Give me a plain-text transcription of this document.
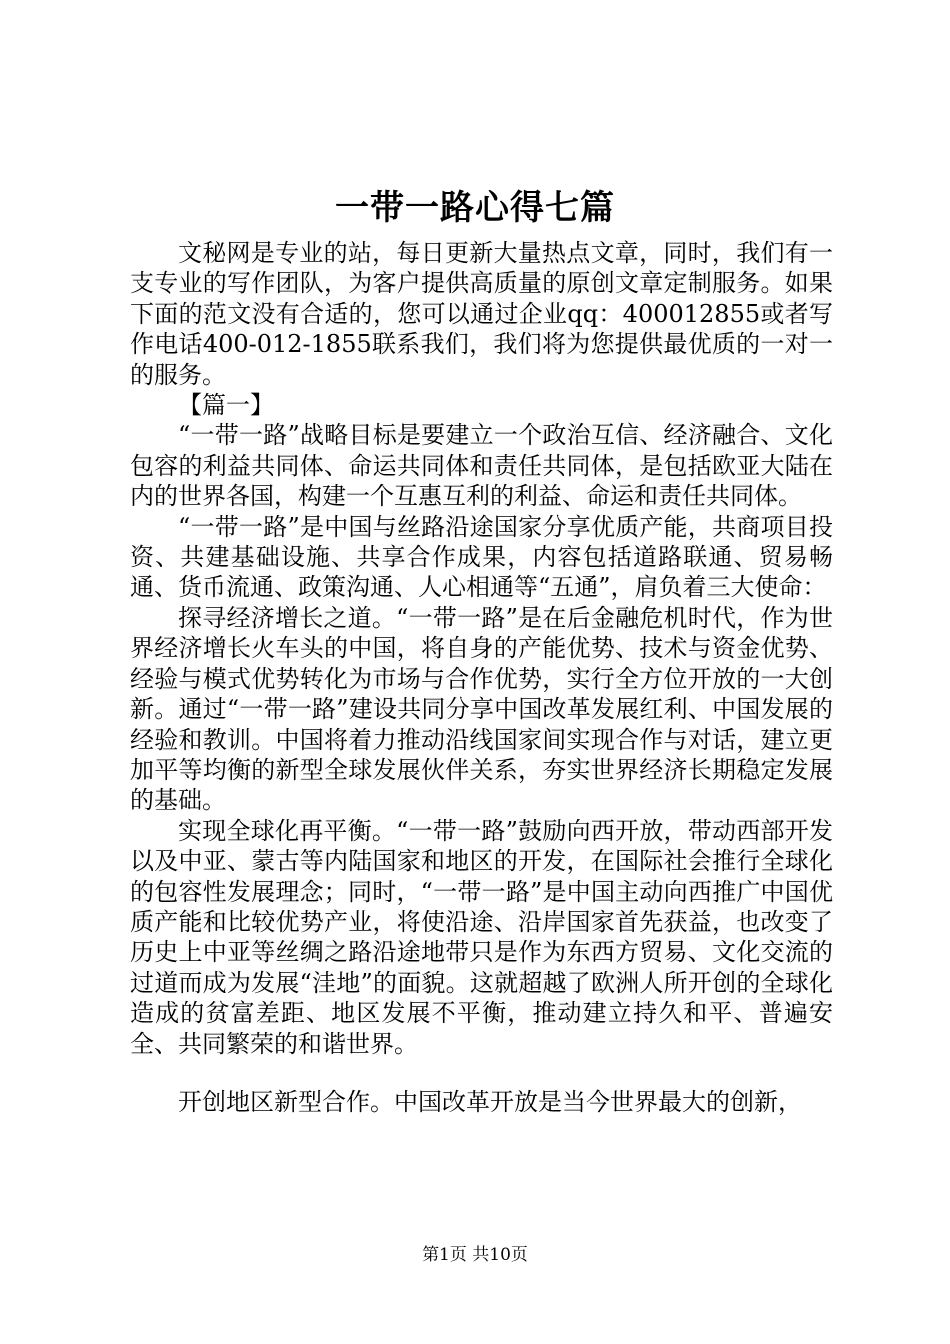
一带一路心得七篇

文秘网是专业的站，每日更新大量热点文章，同时，我们有一支专业的写作团队，为客户提供高质量的原创文章定制服务。如果下面的范文没有合适的，您可以通过企业qq：400012855或者写作电话400-012-1855联系我们，我们将为您提供最优质的一对一的服务。

【篇一】

“一带一路”战略目标是要建立一个政治互信、经济融合、文化包容的利益共同体、命运共同体和责任共同体，是包括欧亚大陆在内的世界各国，构建一个互惠互利的利益、命运和责任共同体。

“一带一路”是中国与丝路沿途国家分享优质产能，共商项目投资、共建基础设施、共享合作成果，内容包括道路联通、贸易畅通、货币流通、政策沟通、人心相通等“五通”，肩负着三大使命：

探寻经济增长之道。“一带一路”是在后金融危机时代，作为世界经济增长火车头的中国，将自身的产能优势、技术与资金优势、经验与模式优势转化为市场与合作优势，实行全方位开放的一大创新。通过“一带一路”建设共同分享中国改革发展红利、中国发展的经验和教训。中国将着力推动沿线国家间实现合作与对话，建立更加平等均衡的新型全球发展伙伴关系，夯实世界经济长期稳定发展的基础。

实现全球化再平衡。“一带一路”鼓励向西开放，带动西部开发以及中亚、蒙古等内陆国家和地区的开发，在国际社会推行全球化的包容性发展理念；同时，“一带一路”是中国主动向西推广中国优质产能和比较优势产业，将使沿途、沿岸国家首先获益，也改变了历史上中亚等丝绸之路沿途地带只是作为东西方贸易、文化交流的过道而成为发展“洼地”的面貌。这就超越了欧洲人所开创的全球化造成的贫富差距、地区发展不平衡，推动建立持久和平、普遍安全、共同繁荣的和谐世界。

开创地区新型合作。中国改革开放是当今世界最大的创新，

第1页 共10页
